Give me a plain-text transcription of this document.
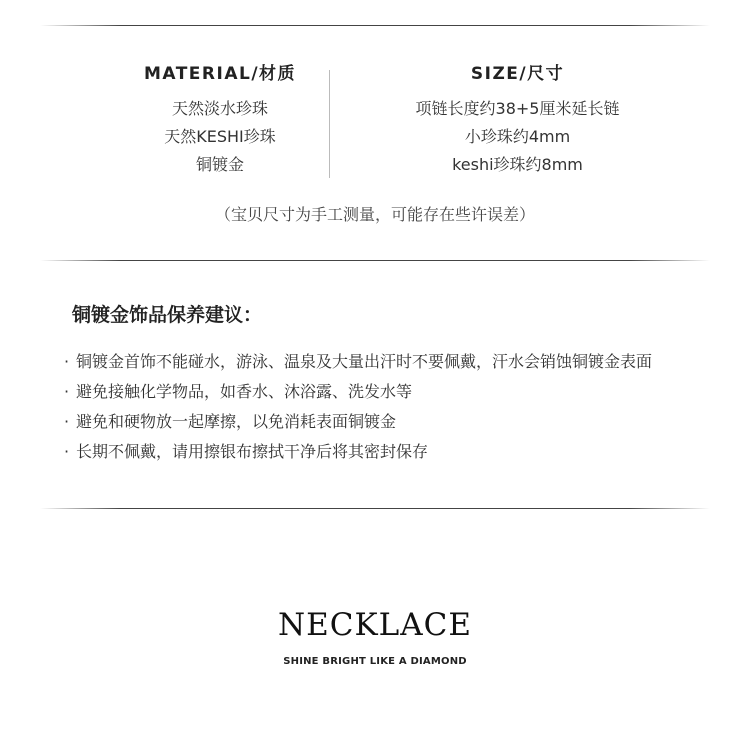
MATERIAL/材质
天然淡水珍珠
天然KESHI珍珠
铜镀金
SIZE/尺寸
项链长度约38+5厘米延长链
小珍珠约4mm
keshi珍珠约8mm
（宝贝尺寸为手工测量，可能存在些许误差）
铜镀金饰品保养建议：
· 铜镀金首饰不能碰水，游泳、温泉及大量出汗时不要佩戴，汗水会销蚀铜镀金表面
· 避免接触化学物品，如香水、沐浴露、洗发水等
· 避免和硬物放一起摩擦，以免消耗表面铜镀金
· 长期不佩戴，请用擦银布擦拭干净后将其密封保存
NECKLACE
SHINE BRIGHT LIKE A DIAMOND
